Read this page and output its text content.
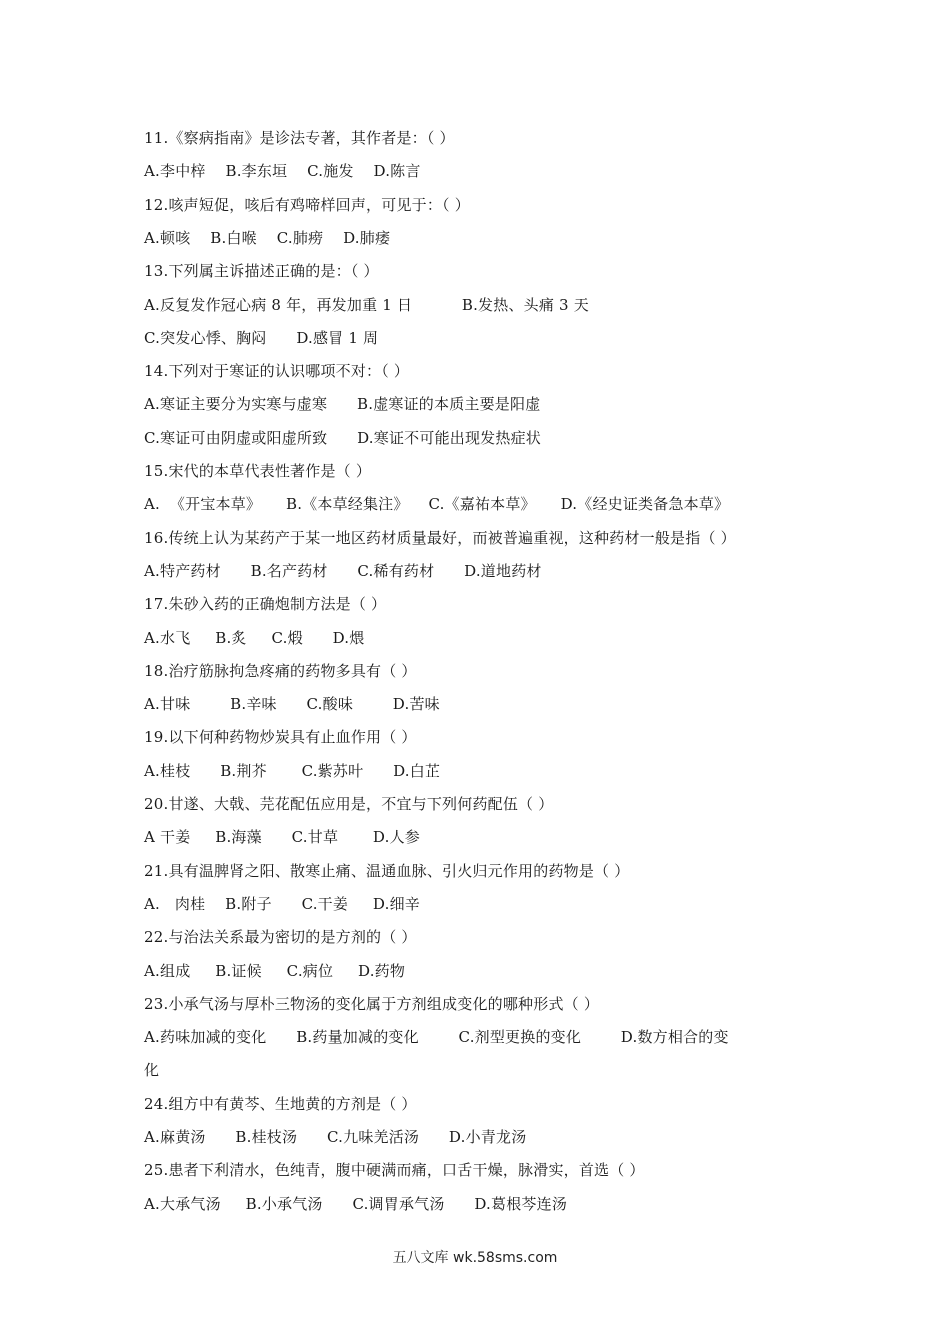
11.《察病指南》是诊法专著，其作者是：（ ）
A.李中梓    B.李东垣    C.施发    D.陈言
12.咳声短促，咳后有鸡啼样回声，可见于：（ ）
A.顿咳    B.白喉    C.肺痨    D.肺痿
13.下列属主诉描述正确的是：（ ）
A.反复发作冠心病 8 年，再发加重 1 日          B.发热、头痛 3 天
C.突发心悸、胸闷      D.感冒 1 周
14.下列对于寒证的认识哪项不对：（ ）
A.寒证主要分为实寒与虚寒      B.虚寒证的本质主要是阳虚
C.寒证可由阴虚或阳虚所致      D.寒证不可能出现发热症状
15.宋代的本草代表性著作是（ ）
A.  《开宝本草》     B.《本草经集注》    C.《嘉祐本草》     D.《经史证类备急本草》
16.传统上认为某药产于某一地区药材质量最好，而被普遍重视，这种药材一般是指（ ）
A.特产药材      B.名产药材      C.稀有药材      D.道地药材
17.朱砂入药的正确炮制方法是（ ）
A.水飞     B.炙     C.煅      D.煨
18.治疗筋脉拘急疼痛的药物多具有（ ）
A.甘味        B.辛味      C.酸味        D.苦味
19.以下何种药物炒炭具有止血作用（ ）
A.桂枝      B.荆芥       C.紫苏叶      D.白芷
20.甘遂、大戟、芫花配伍应用是，不宜与下列何药配伍（ ）
A 干姜     B.海藻      C.甘草       D.人参
21.具有温脾肾之阳、散寒止痛、温通血脉、引火归元作用的药物是（ ）
A.   肉桂    B.附子      C.干姜     D.细辛
22.与治法关系最为密切的是方剂的（ ）
A.组成     B.证候     C.病位     D.药物
23.小承气汤与厚朴三物汤的变化属于方剂组成变化的哪种形式（ ）
A.药味加减的变化      B.药量加减的变化        C.剂型更换的变化        D.数方相合的变
化
24.组方中有黄芩、生地黄的方剂是（ ）
A.麻黄汤      B.桂枝汤      C.九味羌活汤      D.小青龙汤
25.患者下利清水，色纯青，腹中硬满而痛，口舌干燥，脉滑实，首选（ ）
A.大承气汤     B.小承气汤      C.调胃承气汤      D.葛根芩连汤
五八文库 wk.58sms.com
